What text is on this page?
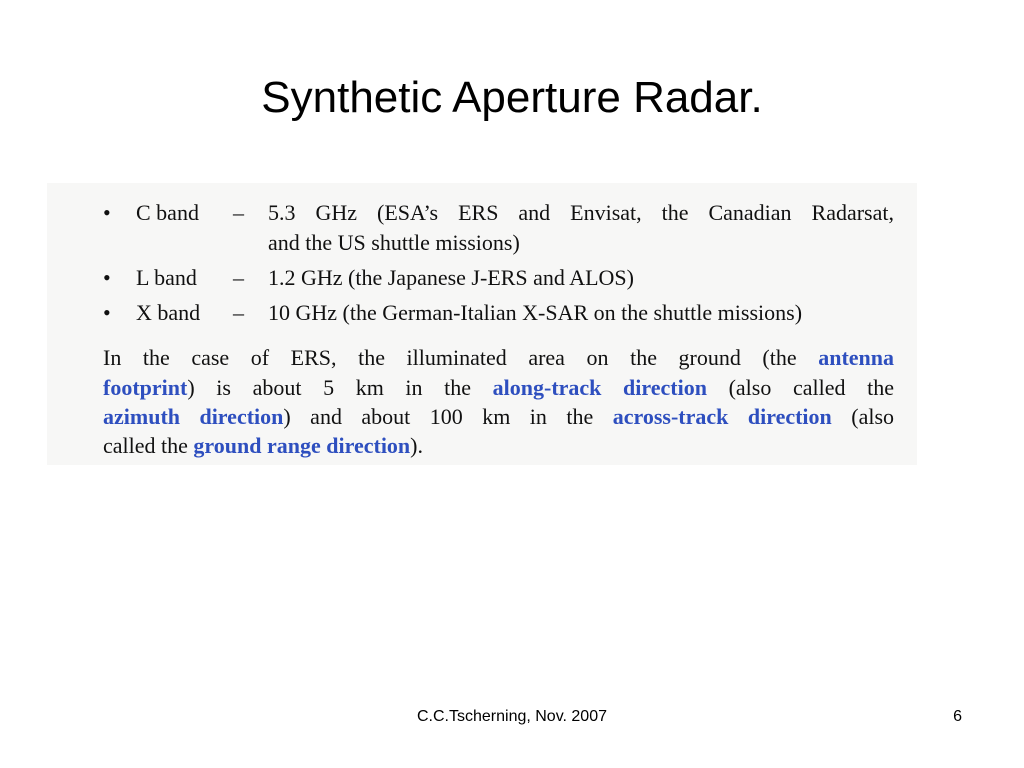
Synthetic Aperture Radar.
• C band – 5.3 GHz (ESA’s ERS and Envisat, the Canadian Radarsat,
and the US shuttle missions)
• L band – 1.2 GHz (the Japanese J-ERS and ALOS)
• X band – 10 GHz (the German-Italian X-SAR on the shuttle missions)
In the case of ERS, the illuminated area on the ground (the antenna
footprint) is about 5 km in the along-track direction (also called the
azimuth direction) and about 100 km in the across-track direction (also
called the ground range direction).
C.C.Tscherning, Nov. 2007	6
